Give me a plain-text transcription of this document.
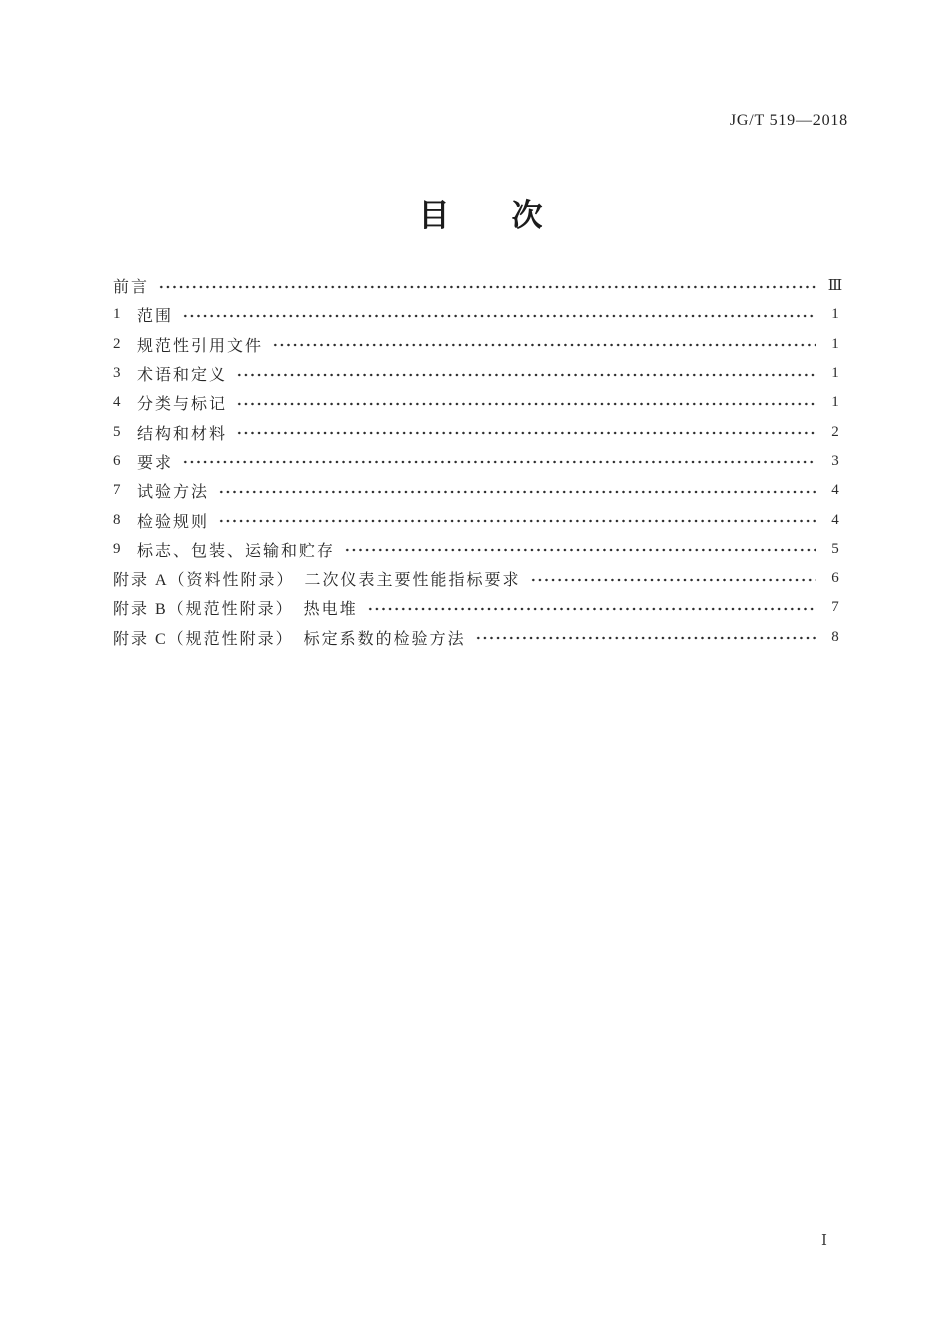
JG/T 519—2018
目　　次
前言	Ⅲ
1	范围	1
2	规范性引用文件	1
3	术语和定义	1
4	分类与标记	1
5	结构和材料	2
6	要求	3
7	试验方法	4
8	检验规则	4
9	标志、包装、运输和贮存	5
附录 A（资料性附录）　二次仪表主要性能指标要求	6
附录 B（规范性附录）　热电堆	7
附录 C（规范性附录）　标定系数的检验方法	8
Ⅰ
